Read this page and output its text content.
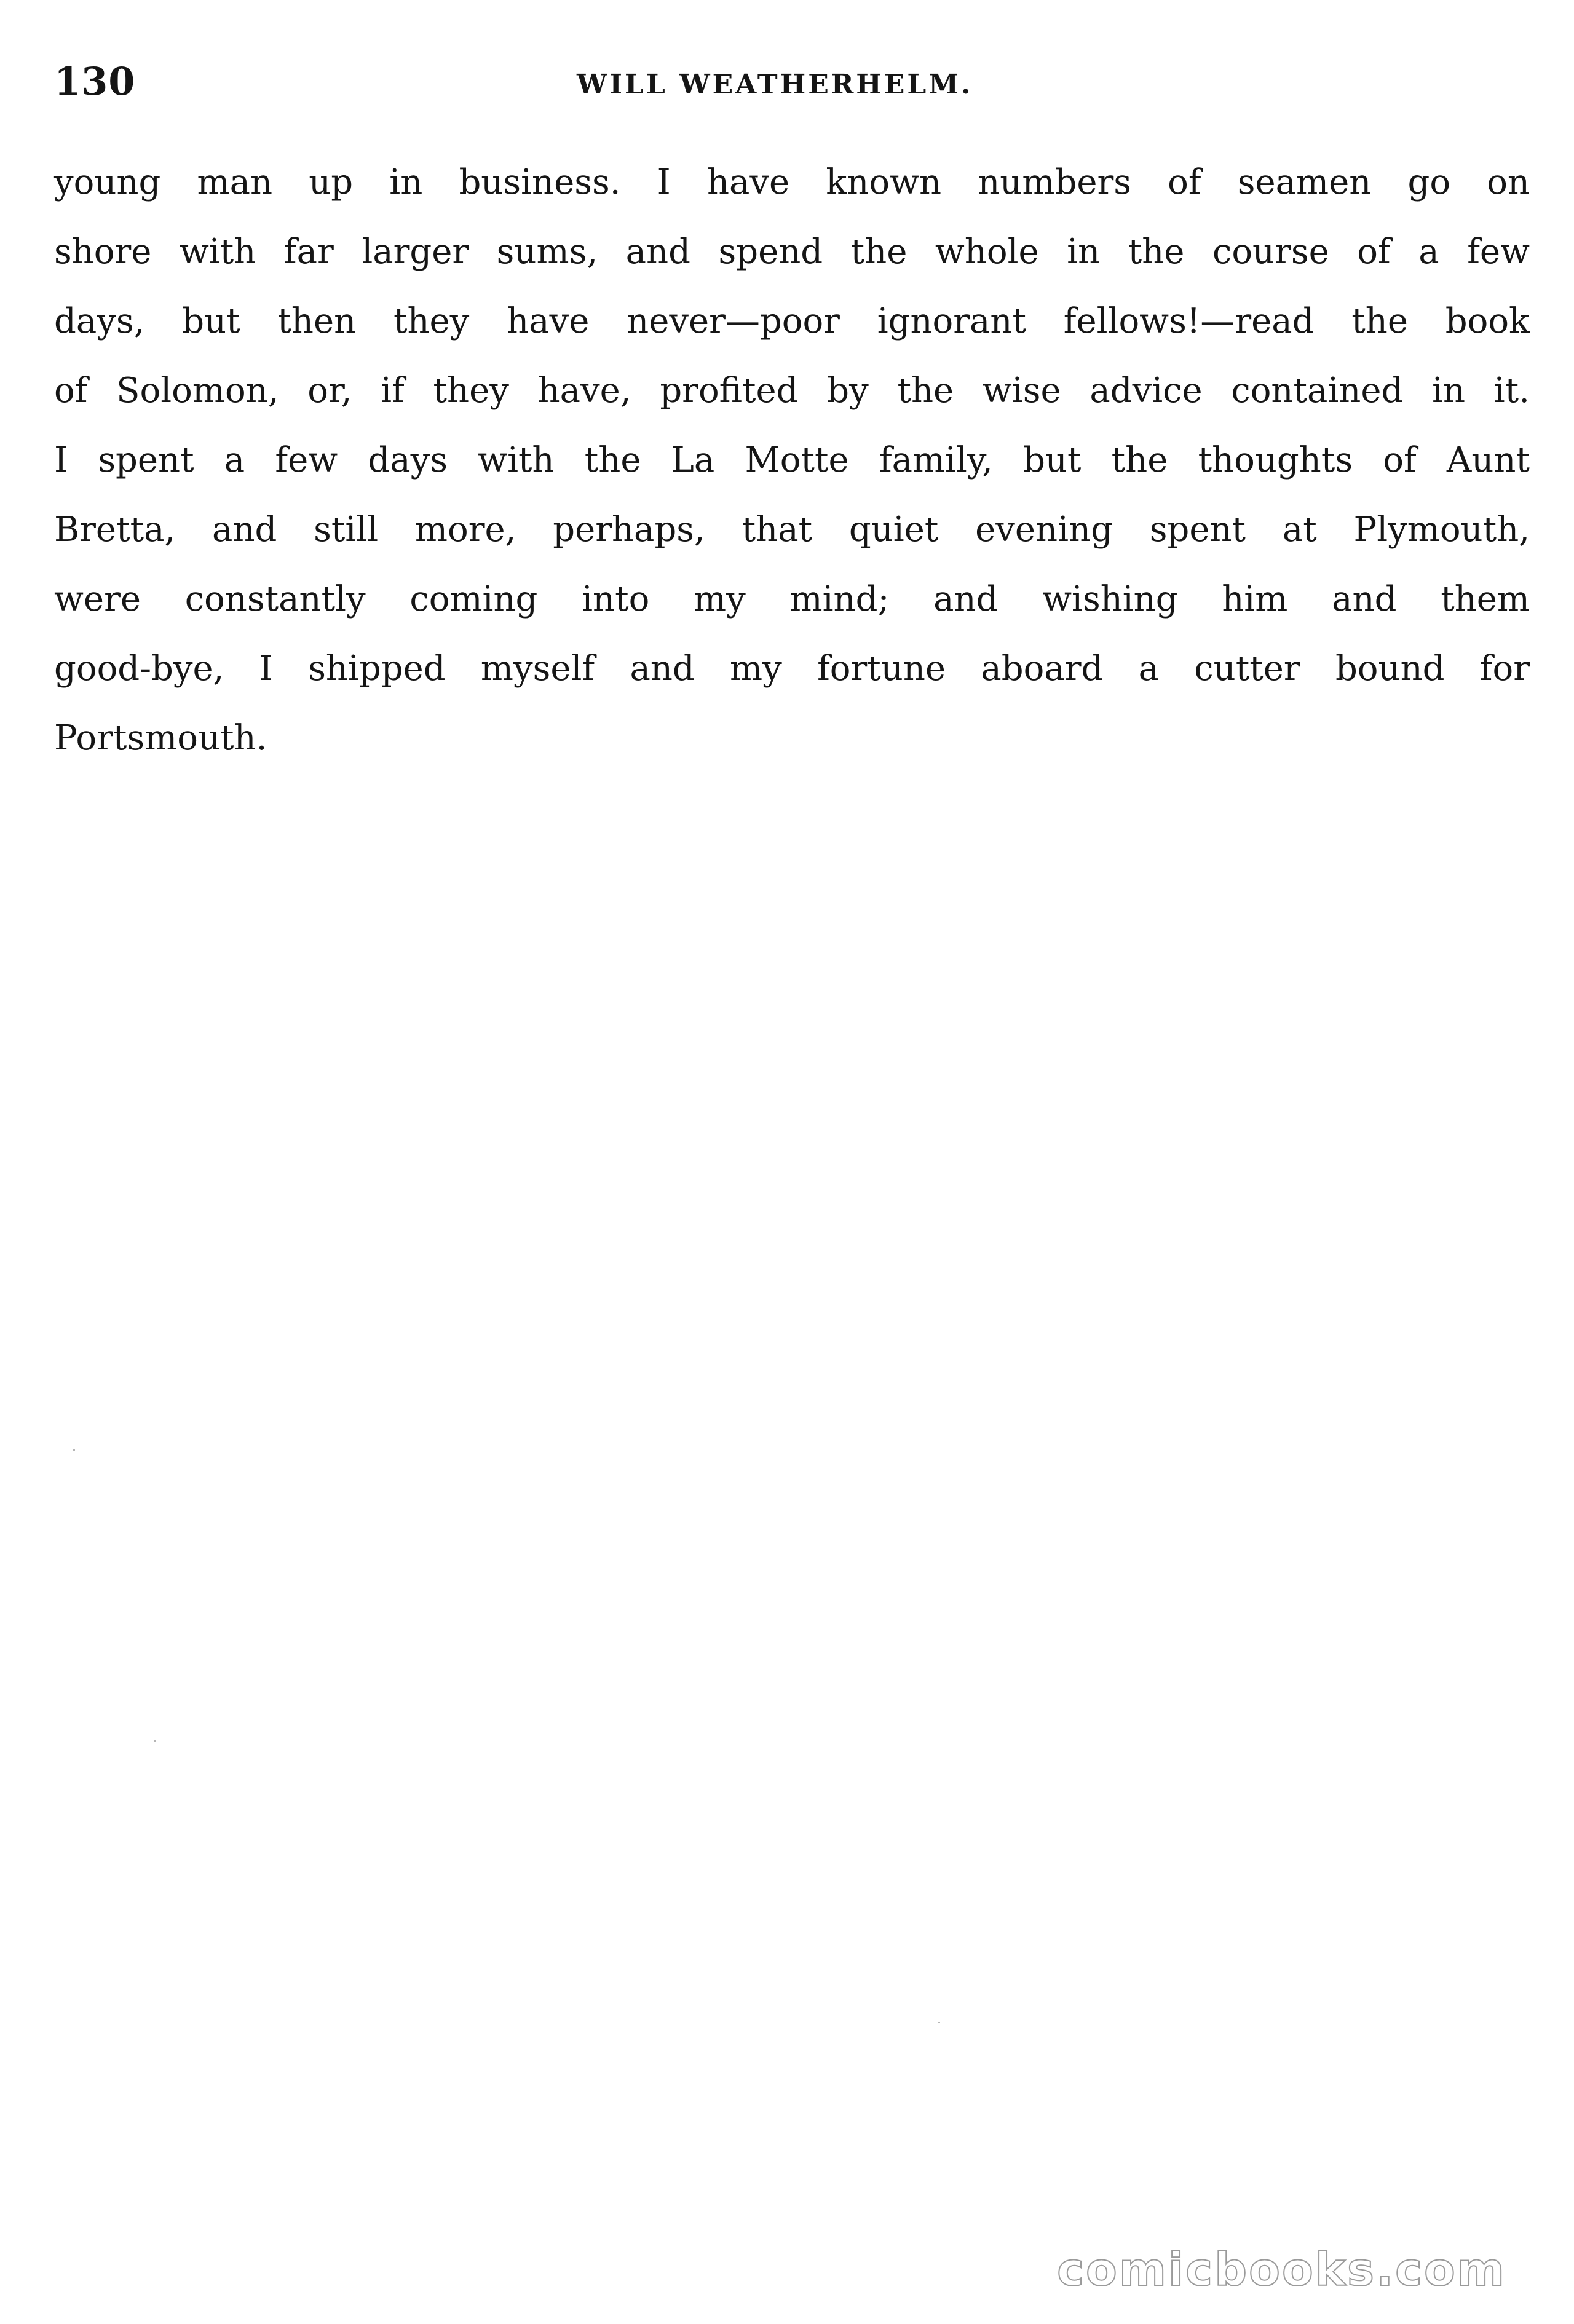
130	WILL WEATHERHELM.
young man up in business. I have known numbers of seamen go on
shore with far larger sums, and spend the whole in the course of a few
days, but then they have never—poor ignorant fellows!—read the book
of Solomon, or, if they have, profited by the wise advice contained in it.
I spent a few days with the La Motte family, but the thoughts of Aunt
Bretta, and still more, perhaps, that quiet evening spent at Plymouth,
were constantly coming into my mind; and wishing him and them
good-bye, I shipped myself and my fortune aboard a cutter bound for
Portsmouth.
comicbooks.com
